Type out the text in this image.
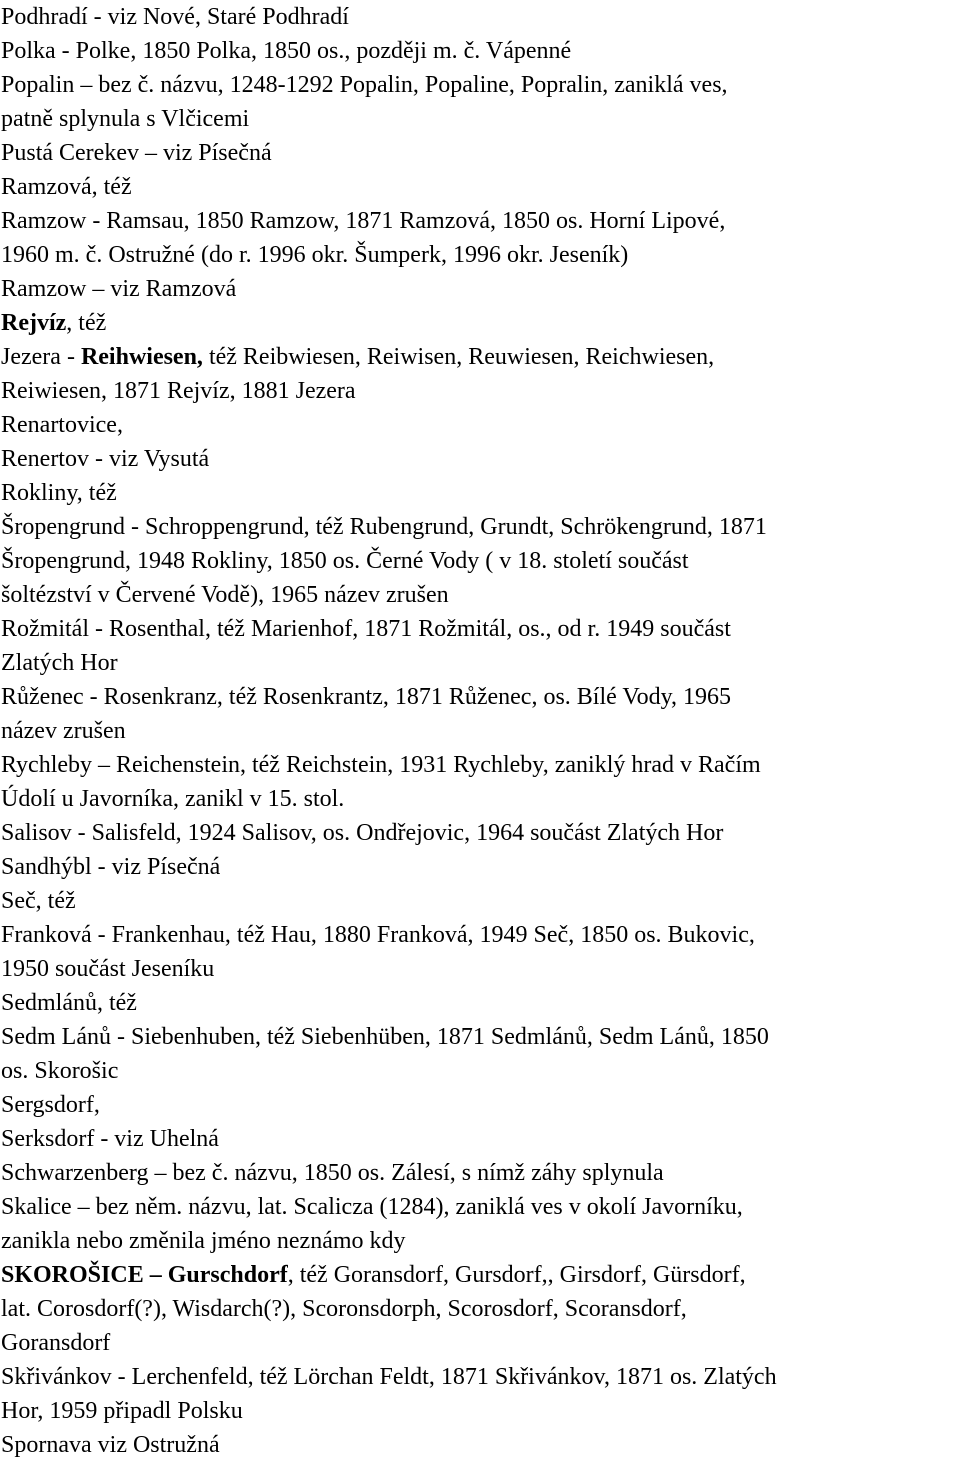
Podhradí - viz Nové, Staré Podhradí
Polka - Polke, 1850 Polka, 1850 os., později m. č. Vápenné
Popalin – bez č. názvu, 1248-1292 Popalin, Popaline, Popralin, zaniklá ves,
patně splynula s Vlčicemi
Pustá Cerekev – viz Písečná
Ramzová, též
Ramzow - Ramsau, 1850 Ramzow, 1871 Ramzová, 1850 os. Horní Lipové,
1960 m. č. Ostružné (do r. 1996 okr. Šumperk, 1996 okr. Jeseník)
Ramzow – viz Ramzová
Rejvíz, též
Jezera - Reihwiesen, též Reibwiesen, Reiwisen, Reuwiesen, Reichwiesen,
Reiwiesen, 1871 Rejvíz, 1881 Jezera
Renartovice,
Renertov - viz Vysutá
Rokliny, též
Šropengrund - Schroppengrund, též Rubengrund, Grundt, Schrökengrund, 1871
Šropengrund, 1948 Rokliny, 1850 os. Černé Vody ( v 18. století součást
šoltézství v Červené Vodě), 1965 název zrušen
Rožmitál - Rosenthal, též Marienhof, 1871 Rožmitál, os., od r. 1949 součást
Zlatých Hor
Růženec - Rosenkranz, též Rosenkrantz, 1871 Růženec, os. Bílé Vody, 1965
název zrušen
Rychleby – Reichenstein, též Reichstein, 1931 Rychleby, zaniklý hrad v Račím
Údolí u Javorníka, zanikl v 15. stol.
Salisov - Salisfeld, 1924 Salisov, os. Ondřejovic, 1964 součást Zlatých Hor
Sandhýbl - viz Písečná
Seč, též
Franková - Frankenhau, též Hau, 1880 Franková, 1949 Seč, 1850 os. Bukovic,
1950 součást Jeseníku
Sedmlánů, též
Sedm Lánů - Siebenhuben, též Siebenhüben, 1871 Sedmlánů, Sedm Lánů, 1850
os. Skorošic
Sergsdorf,
Serksdorf - viz Uhelná
Schwarzenberg – bez č. názvu, 1850 os. Zálesí, s nímž záhy splynula
Skalice – bez něm. názvu, lat. Scalicza (1284), zaniklá ves v okolí Javorníku,
zanikla nebo změnila jméno neznámo kdy
SKOROŠICE – Gurschdorf, též Goransdorf, Gursdorf,, Girsdorf, Gürsdorf,
lat. Corosdorf(?), Wisdarch(?), Scoronsdorph, Scorosdorf, Scoransdorf,
Goransdorf
Skřivánkov - Lerchenfeld, též Lörchan Feldt, 1871 Skřivánkov, 1871 os. Zlatých
Hor, 1959 připadl Polsku
Spornava viz Ostružná
